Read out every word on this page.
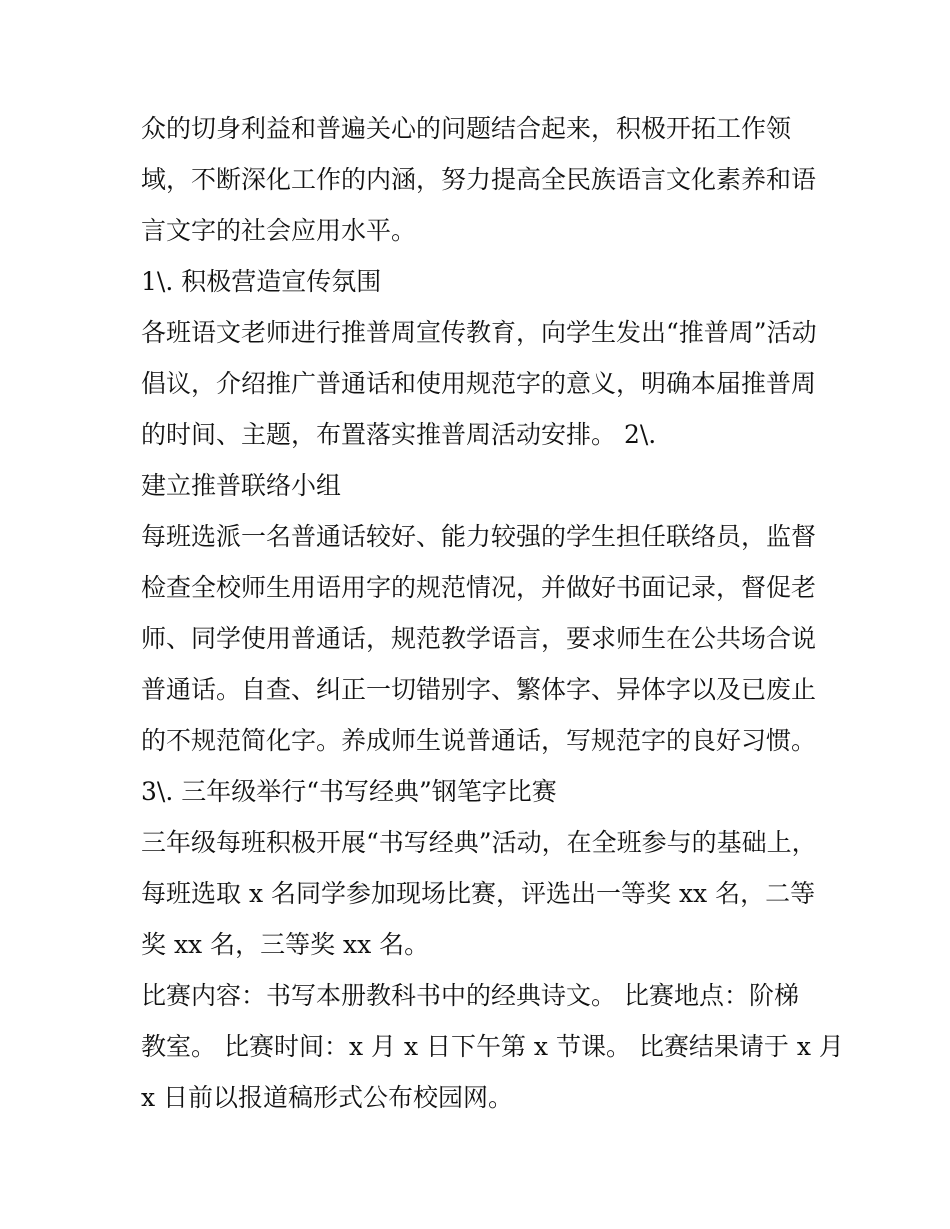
众的切身利益和普遍关心的问题结合起来，积极开拓工作领
域，不断深化工作的内涵，努力提高全民族语言文化素养和语
言文字的社会应用水平。
1\. 积极营造宣传氛围
各班语文老师进行推普周宣传教育，向学生发出“推普周”活动
倡议，介绍推广普通话和使用规范字的意义，明确本届推普周
的时间、主题，布置落实推普周活动安排。 2\.
建立推普联络小组
每班选派一名普通话较好、能力较强的学生担任联络员，监督
检查全校师生用语用字的规范情况，并做好书面记录，督促老
师、同学使用普通话，规范教学语言，要求师生在公共场合说
普通话。自查、纠正一切错别字、繁体字、异体字以及已废止
的不规范简化字。养成师生说普通话，写规范字的良好习惯。
3\. 三年级举行“书写经典”钢笔字比赛
三年级每班积极开展“书写经典”活动，在全班参与的基础上，
每班选取 x 名同学参加现场比赛，评选出一等奖 xx 名，二等
奖 xx 名，三等奖 xx 名。
比赛内容：书写本册教科书中的经典诗文。 比赛地点：阶梯
教室。 比赛时间：x 月 x 日下午第 x 节课。 比赛结果请于 x 月
x 日前以报道稿形式公布校园网。
